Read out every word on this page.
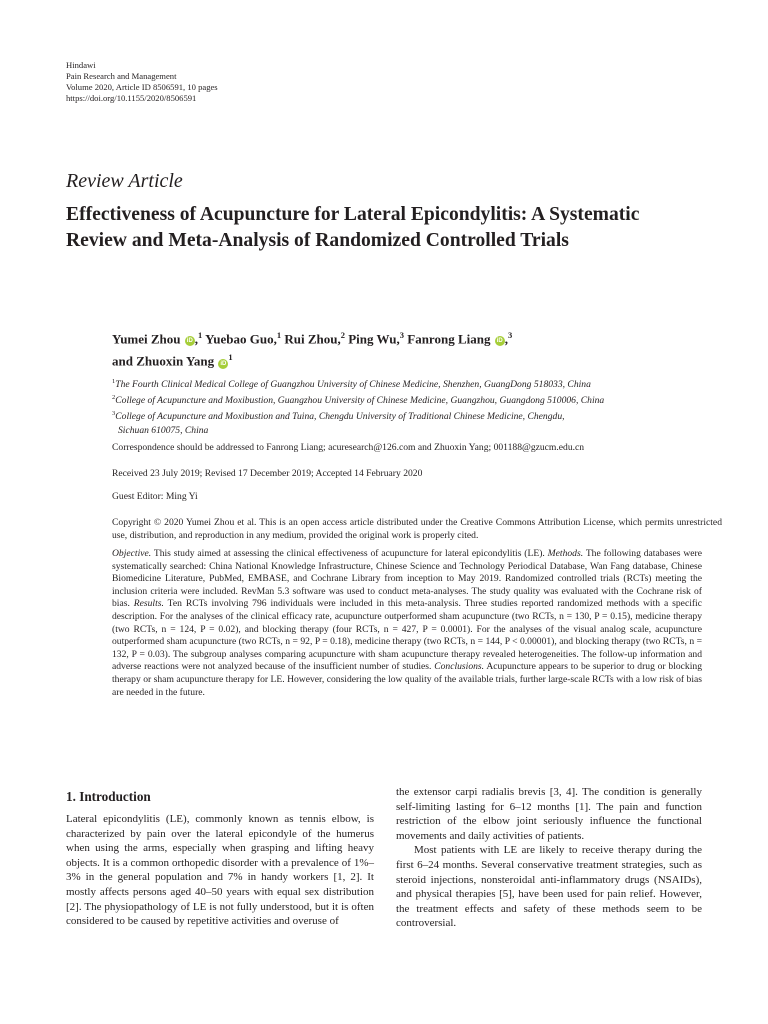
Hindawi
Pain Research and Management
Volume 2020, Article ID 8506591, 10 pages
https://doi.org/10.1155/2020/8506591
Review Article
Effectiveness of Acupuncture for Lateral Epicondylitis: A Systematic Review and Meta-Analysis of Randomized Controlled Trials
Yumei Zhou iD ,$^1$ Yuebao Guo,$^1$ Rui Zhou,$^2$ Ping Wu,$^3$ Fanrong Liang iD ,$^3$
and Zhuoxin Yang $iD^1$
$^1$The Fourth Clinical Medical College of Guangzhou University of Chinese Medicine, Shenzhen, GuangDong 518033, China
$^2$College of Acupuncture and Moxibustion, Guangzhou University of Chinese Medicine, Guangzhou, Guangdong 510006, China
$^3$College of Acupuncture and Moxibustion and Tuina, Chengdu University of Traditional Chinese Medicine, Chengdu,
Sichuan 610075, China
Correspondence should be addressed to Fanrong Liang; acuresearch@126.com and Zhuoxin Yang; 001188@gzucm.edu.cn
Received 23 July 2019; Revised 17 December 2019; Accepted 14 February 2020
Guest Editor: Ming Yi
Copyright © 2020 Yumei Zhou et al. This is an open access article distributed under the Creative Commons Attribution License, which permits unrestricted use, distribution, and reproduction in any medium, provided the original work is properly cited.

Objective. This study aimed at assessing the clinical effectiveness of acupuncture for lateral epicondylitis (LE). Methods. The following databases were systematically searched: China National Knowledge Infrastructure, Chinese Science and Technology Periodical Database, Wan Fang database, Chinese Biomedicine Literature, PubMed, EMBASE, and Cochrane Library from inception to May 2019. Randomized controlled trials (RCTs) meeting the inclusion criteria were included. RevMan 5.3 software was used to conduct meta-analyses. The study quality was evaluated with the Cochrane risk of bias. Results. Ten RCTs involving 796 individuals were included in this meta-analysis. Three studies reported randomized methods with a specific description. For the analyses of the clinical efficacy rate, acupuncture outperformed sham acupuncture (two RCTs, n = 130, P = 0.15), medicine therapy (two RCTs, n = 124, P = 0.02), and blocking therapy (four RCTs, n = 427, P = 0.0001). For the analyses of the visual analog scale, acupuncture outperformed sham acupuncture (two RCTs, n = 92, P = 0.18), medicine therapy (two RCTs, n = 144, P < 0.00001), and blocking therapy (two RCTs, n = 132, P = 0.03). The subgroup analyses comparing acupuncture with sham acupuncture therapy revealed heterogeneities. The follow-up information and adverse reactions were not analyzed because of the insufficient number of studies. Conclusions. Acupuncture appears to be superior to drug or blocking therapy or sham acupuncture therapy for LE. However, considering the low quality of the available trials, further large-scale RCTs with a low risk of bias are needed in the future.

1. Introduction

Lateral epicondylitis (LE), commonly known as tennis elbow, is characterized by pain over the lateral epicondyle of the humerus when using the arms, especially when grasping and lifting heavy objects. It is a common orthopedic disorder with a prevalence of 1%–3% in the general population and 7% in handy workers [1, 2]. It mostly affects persons aged 40–50 years with equal sex distribution [2]. The physiopathology of LE is not fully understood, but it is often considered to be caused by repetitive activities and overuse of

the extensor carpi radialis brevis [3, 4]. The condition is generally self-limiting lasting for 6–12 months [1]. The pain and function restriction of the elbow joint seriously influence the functional movements and daily activities of patients.

Most patients with LE are likely to receive therapy during the first 6–24 months. Several conservative treatment strategies, such as steroid injections, nonsteroidal anti-inflammatory drugs (NSAIDs), and physical therapies [5], have been used for pain relief. However, the treatment effects and safety of these methods seem to be controversial.
